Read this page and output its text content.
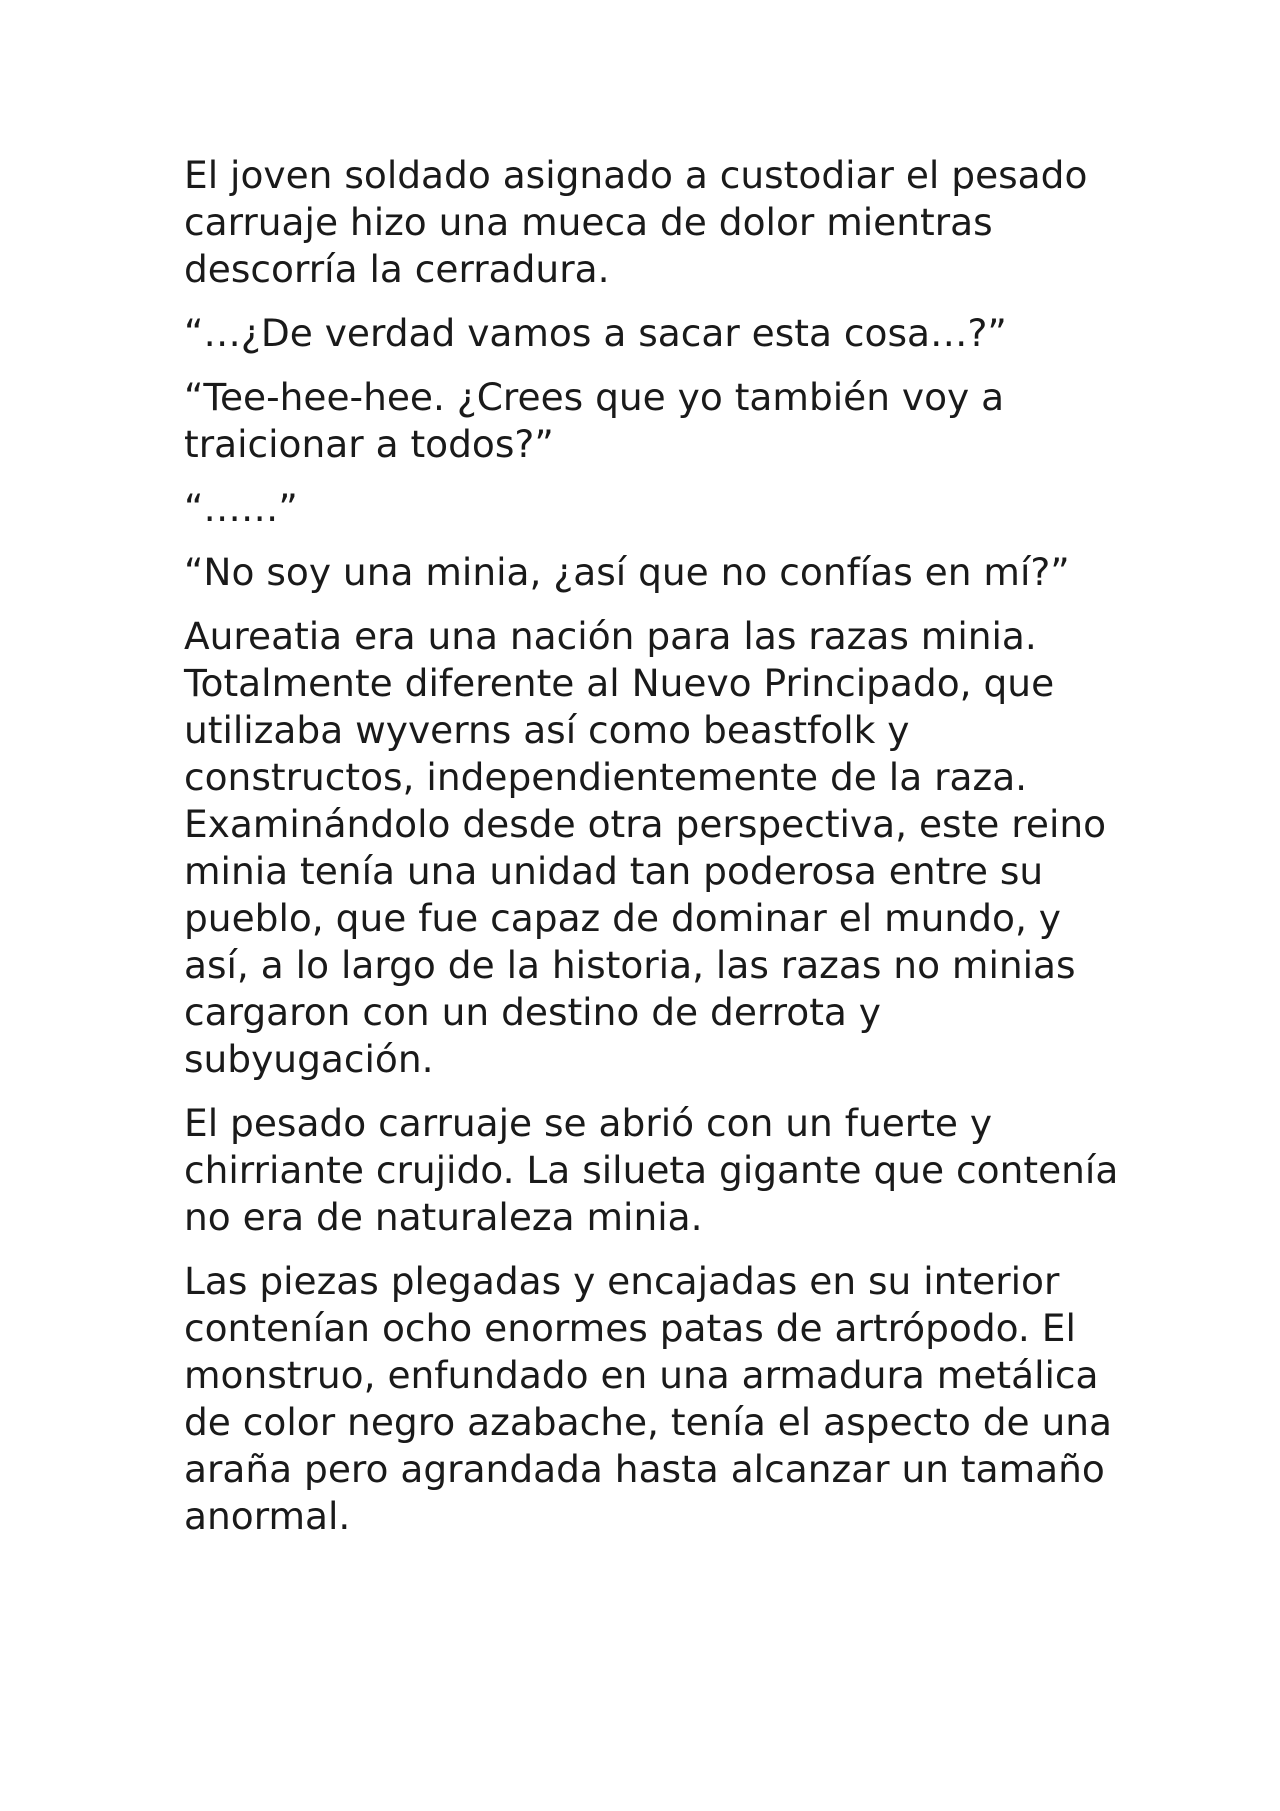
El joven soldado asignado a custodiar el pesado carruaje hizo una mueca de dolor mientras descorría la cerradura.

“…¿De verdad vamos a sacar esta cosa…?”

“Tee-hee-hee. ¿Crees que yo también voy a traicionar a todos?”

“……”

“No soy una minia, ¿así que no confías en mí?”

Aureatia era una nación para las razas minia. Totalmente diferente al Nuevo Principado, que utilizaba wyverns así como beastfolk y constructos, independientemente de la raza. Examinándolo desde otra perspectiva, este reino minia tenía una unidad tan poderosa entre su pueblo, que fue capaz de dominar el mundo, y así, a lo largo de la historia, las razas no minias cargaron con un destino de derrota y subyugación.

El pesado carruaje se abrió con un fuerte y chirriante crujido. La silueta gigante que contenía no era de naturaleza minia.

Las piezas plegadas y encajadas en su interior contenían ocho enormes patas de artrópodo. El monstruo, enfundado en una armadura metálica de color negro azabache, tenía el aspecto de una araña pero agrandada hasta alcanzar un tamaño anormal.
